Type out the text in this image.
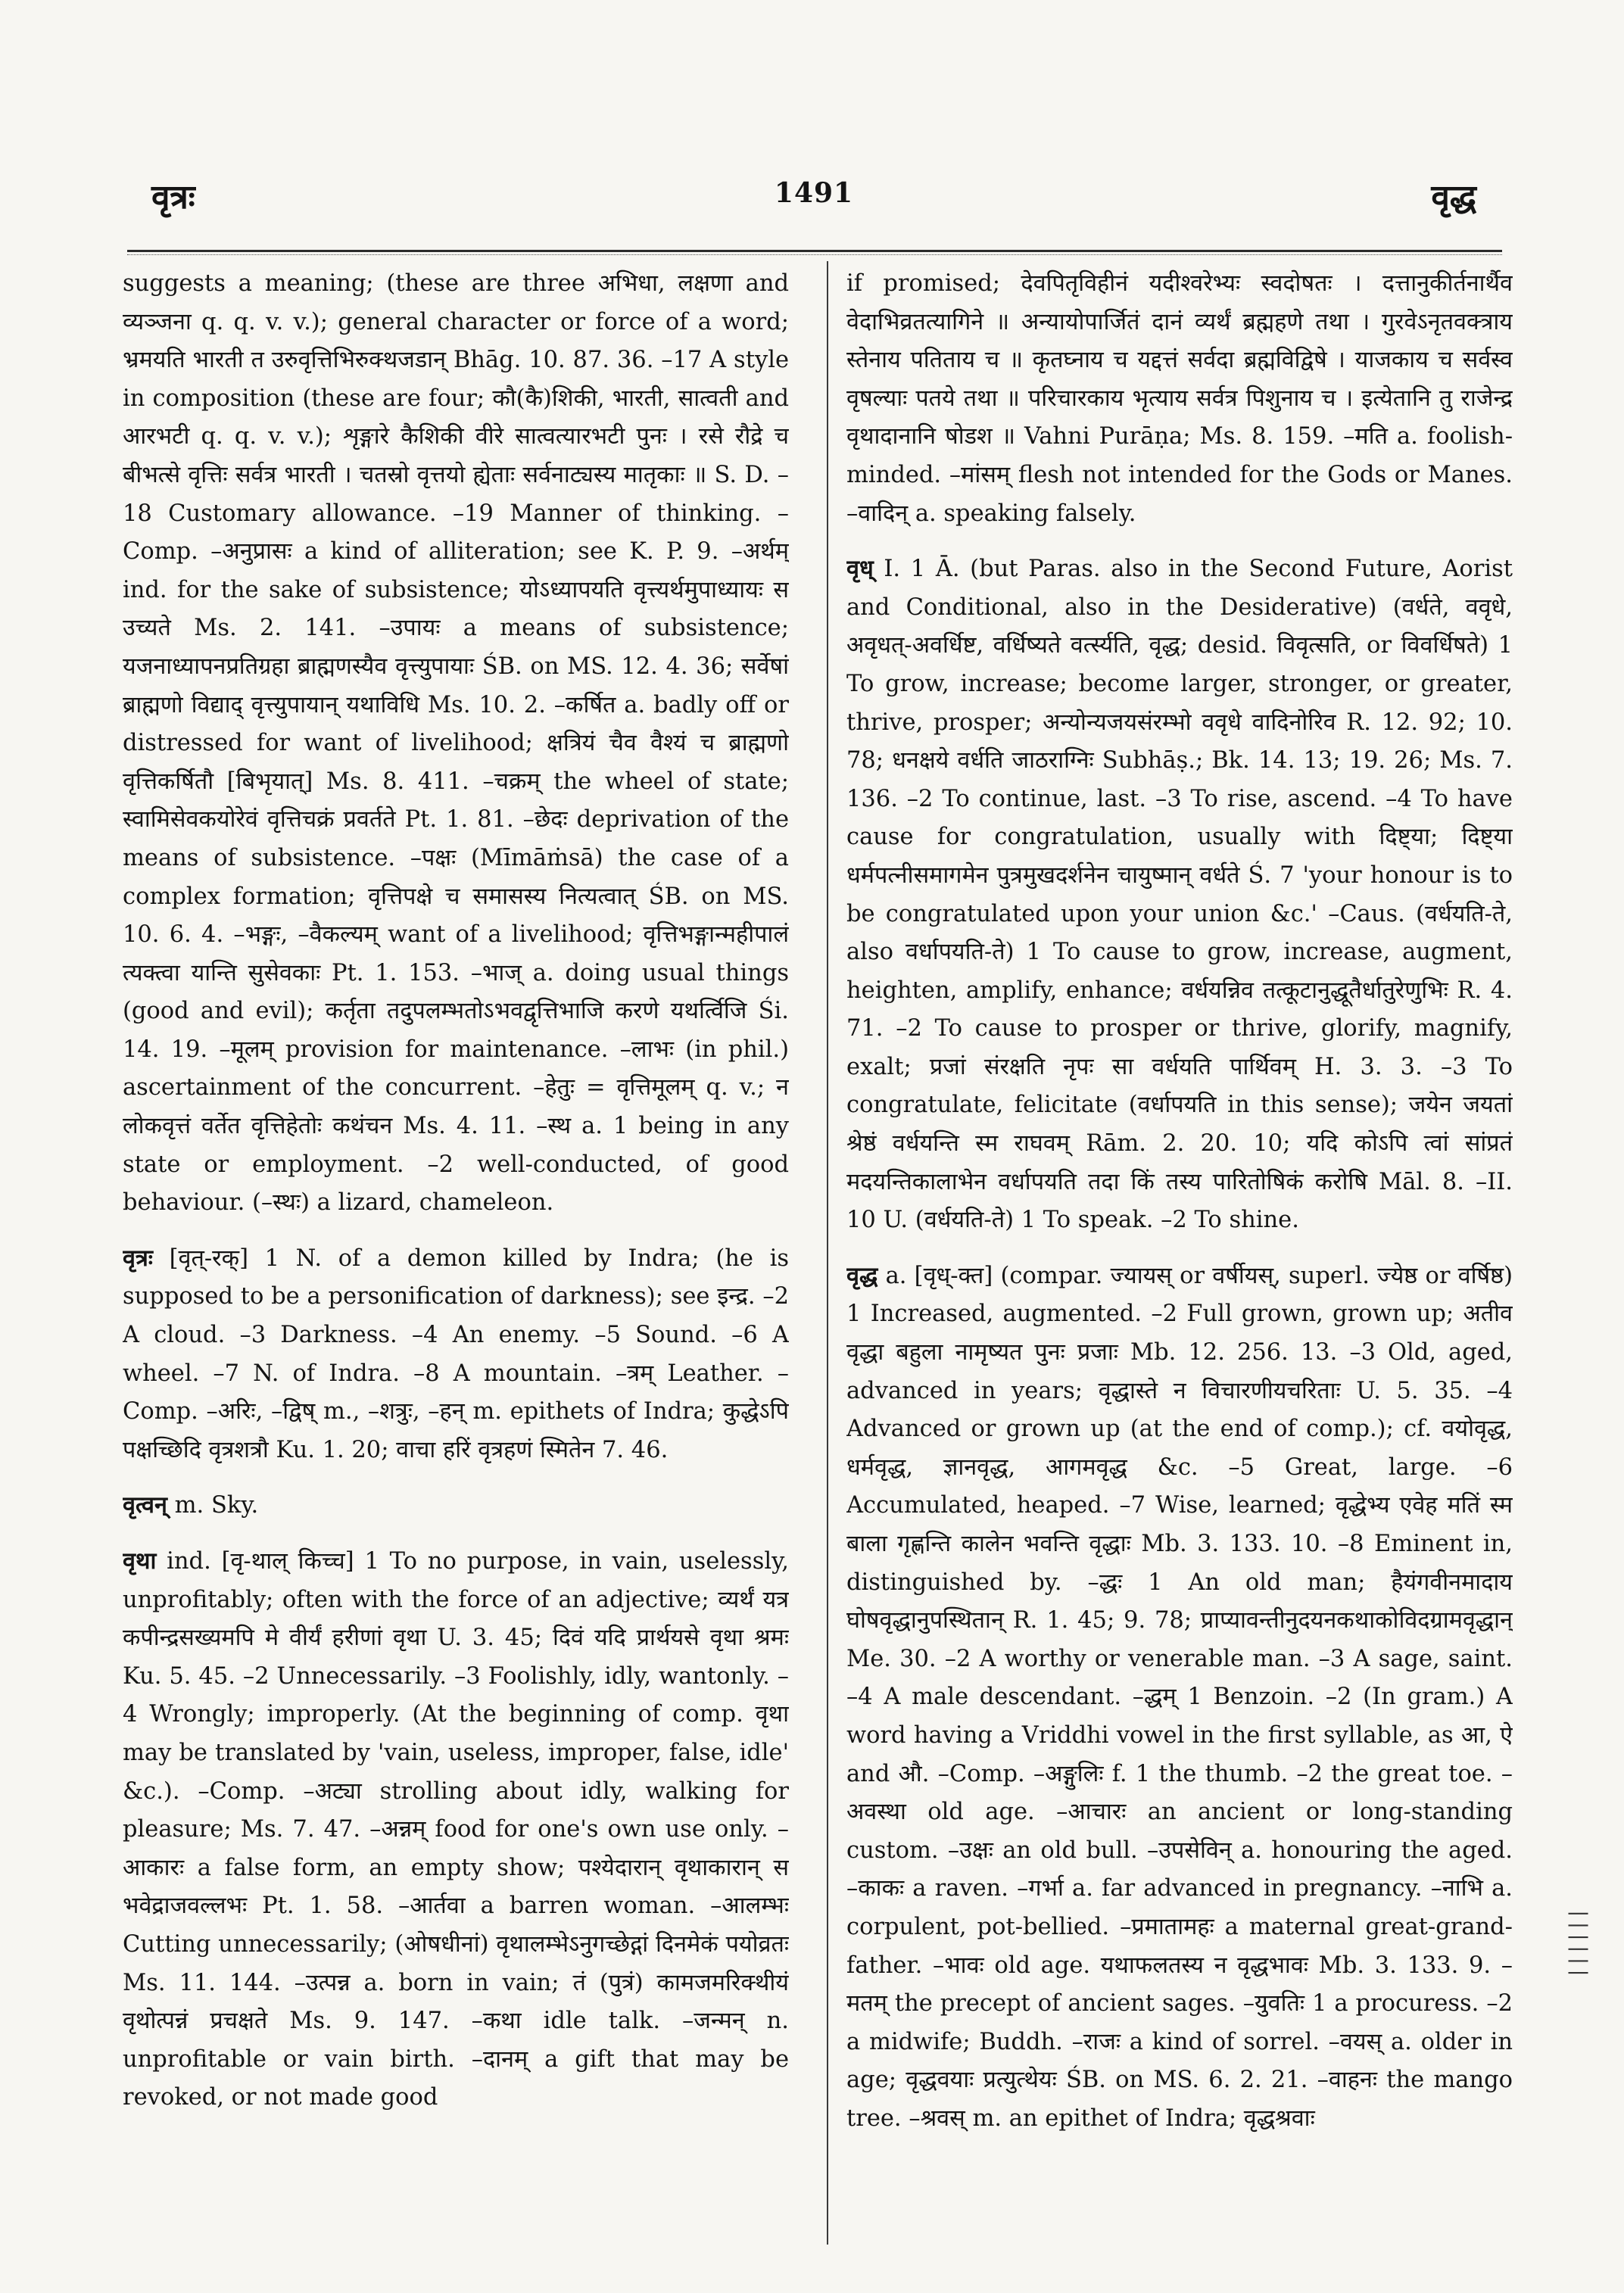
वृत्रः	1491	वृद्ध

suggests a meaning; (these are three अभिधा, लक्षणा and व्यञ्जना q. q. v. v.); general character or force of a word; भ्रमयति भारती त उरुवृत्तिभिरुक्थजडान् Bhāg. 10. 87. 36. –17 A style in composition (these are four; कौ(कै)शिकी, भारती, सात्वती and आरभटी q. q. v. v.); शृङ्गारे कैशिकी वीरे सात्वत्यारभटी पुनः । रसे रौद्रे च बीभत्से वृत्तिः सर्वत्र भारती । चतस्रो वृत्तयो ह्येताः सर्वनाट्यस्य मातृकाः ॥ S. D. –18 Customary allowance. –19 Manner of thinking. –Comp. –अनुप्रासः a kind of alliteration; see K. P. 9. –अर्थम् ind. for the sake of subsistence; योऽध्यापयति वृत्त्यर्थमुपाध्यायः स उच्यते Ms. 2. 141. –उपायः a means of subsistence; यजनाध्यापनप्रतिग्रहा ब्राह्मणस्यैव वृत्त्युपायाः ŚB. on MS. 12. 4. 36; सर्वेषां ब्राह्मणो विद्याद् वृत्त्युपायान् यथाविधि Ms. 10. 2. –कर्षित a. badly off or distressed for want of livelihood; क्षत्रियं चैव वैश्यं च ब्राह्मणो वृत्तिकर्षितौ [बिभृयात्] Ms. 8. 411. –चक्रम् the wheel of state; स्वामिसेवकयोरेवं वृत्तिचक्रं प्रवर्तते Pt. 1. 81. –छेदः deprivation of the means of subsistence. –पक्षः (Mīmāṁsā) the case of a complex formation; वृत्तिपक्षे च समासस्य नित्यत्वात् ŚB. on MS. 10. 6. 4. –भङ्गः, –वैकल्यम् want of a livelihood; वृत्तिभङ्गान्महीपालं त्यक्त्वा यान्ति सुसेवकाः Pt. 1. 153. –भाज् a. doing usual things (good and evil); कर्तृता तदुपलम्भतोऽभवद्वृत्तिभाजि करणे यथर्त्विजि Śi. 14. 19. –मूलम् provision for maintenance. –लाभः (in phil.) ascertainment of the concurrent. –हेतुः = वृत्तिमूलम् q. v.; न लोकवृत्तं वर्तेत वृत्तिहेतोः कथंचन Ms. 4. 11. –स्थ a. 1 being in any state or employment. –2 well-conducted, of good behaviour. (–स्थः) a lizard, chameleon.

वृत्रः [वृत्-रक्] 1 N. of a demon killed by Indra; (he is supposed to be a personification of darkness); see इन्द्र. –2 A cloud. –3 Darkness. –4 An enemy. –5 Sound. –6 A wheel. –7 N. of Indra. –8 A mountain. –त्रम् Leather. –Comp. –अरिः, –द्विष् m., –शत्रुः, –हन् m. epithets of Indra; कुद्धेऽपि पक्षच्छिदि वृत्रशत्रौ Ku. 1. 20; वाचा हरिं वृत्रहणं स्मितेन 7. 46.

वृत्वन् m. Sky.

वृथा ind. [वृ-थाल् किच्च] 1 To no purpose, in vain, uselessly, unprofitably; often with the force of an adjective; व्यर्थं यत्र कपीन्द्रसख्यमपि मे वीर्यं हरीणां वृथा U. 3. 45; दिवं यदि प्रार्थयसे वृथा श्रमः Ku. 5. 45. –2 Unnecessarily. –3 Foolishly, idly, wantonly. –4 Wrongly; improperly. (At the beginning of comp. वृथा may be translated by 'vain, useless, improper, false, idle' &c.). –Comp. –अट्या strolling about idly, walking for pleasure; Ms. 7. 47. –अन्नम् food for one's own use only. –आकारः a false form, an empty show; पश्येदारान् वृथाकारान् स भवेद्राजवल्लभः Pt. 1. 58. –आर्तवा a barren woman. –आलम्भः Cutting unnecessarily; (ओषधीनां) वृथालम्भेऽनुगच्छेद्गां दिनमेकं पयोव्रतः Ms. 11. 144. –उत्पन्न a. born in vain; तं (पुत्रं) कामजमरिक्थीयं वृथोत्पन्नं प्रचक्षते Ms. 9. 147. –कथा idle talk. –जन्मन् n. unprofitable or vain birth. –दानम् a gift that may be revoked, or not made good

if promised; देवपितृविहीनं यदीश्वरेभ्यः स्वदोषतः । दत्तानुकीर्तनार्थैव वेदाभिव्रतत्यागिने ॥ अन्यायोपार्जितं दानं व्यर्थं ब्रह्महणे तथा । गुरवेऽनृतवक्त्राय स्तेनाय पतिताय च ॥ कृतघ्नाय च यद्दत्तं सर्वदा ब्रह्मविद्विषे । याजकाय च सर्वस्व वृषल्याः पतये तथा ॥ परिचारकाय भृत्याय सर्वत्र पिशुनाय च । इत्येतानि तु राजेन्द्र वृथादानानि षोडश ॥ Vahni Purāṇa; Ms. 8. 159. –मति a. foolish-minded. –मांसम् flesh not intended for the Gods or Manes. –वादिन् a. speaking falsely.

वृध् I. 1 Ā. (but Paras. also in the Second Future, Aorist and Conditional, also in the Desiderative) (वर्धते, ववृधे, अवृधत्-अवर्धिष्ट, वर्धिष्यते वर्त्स्यति, वृद्ध; desid. विवृत्सति, or विवर्धिषते) 1 To grow, increase; become larger, stronger, or greater, thrive, prosper; अन्योन्यजयसंरम्भो ववृधे वादिनोरिव R. 12. 92; 10. 78; धनक्षये वर्धति जाठराग्निः Subhāṣ.; Bk. 14. 13; 19. 26; Ms. 7. 136. –2 To continue, last. –3 To rise, ascend. –4 To have cause for congratulation, usually with दिष्ट्या; दिष्ट्या धर्मपत्नीसमागमेन पुत्रमुखदर्शनेन चायुष्मान् वर्धते Ś. 7 'your honour is to be congratulated upon your union &c.' –Caus. (वर्धयति-ते, also वर्धापयति-ते) 1 To cause to grow, increase, augment, heighten, amplify, enhance; वर्धयन्निव तत्कूटानुद्धूतैर्धातुरेणुभिः R. 4. 71. –2 To cause to prosper or thrive, glorify, magnify, exalt; प्रजां संरक्षति नृपः सा वर्धयति पार्थिवम् H. 3. 3. –3 To congratulate, felicitate (वर्धापयति in this sense); जयेन जयतां श्रेष्ठं वर्धयन्ति स्म राघवम् Rām. 2. 20. 10; यदि कोऽपि त्वां सांप्रतं मदयन्तिकालाभेन वर्धापयति तदा किं तस्य पारितोषिकं करोषि Māl. 8. –II. 10 U. (वर्धयति-ते) 1 To speak. –2 To shine.

वृद्ध a. [वृध्-क्त] (compar. ज्यायस् or वर्षीयस्, superl. ज्येष्ठ or वर्षिष्ठ) 1 Increased, augmented. –2 Full grown, grown up; अतीव वृद्धा बहुला नामृष्यत पुनः प्रजाः Mb. 12. 256. 13. –3 Old, aged, advanced in years; वृद्धास्ते न विचारणीयचरिताः U. 5. 35. –4 Advanced or grown up (at the end of comp.); cf. वयोवृद्ध, धर्मवृद्ध, ज्ञानवृद्ध, आगमवृद्ध &c. –5 Great, large. –6 Accumulated, heaped. –7 Wise, learned; वृद्धेभ्य एवेह मतिं स्म बाला गृह्णन्ति कालेन भवन्ति वृद्धाः Mb. 3. 133. 10. –8 Eminent in, distinguished by. –द्धः 1 An old man; हैयंगवीनमादाय घोषवृद्धानुपस्थितान् R. 1. 45; 9. 78; प्राप्यावन्तीनुदयनकथाकोविदग्रामवृद्धान् Me. 30. –2 A worthy or venerable man. –3 A sage, saint. –4 A male descendant. –द्धम् 1 Benzoin. –2 (In gram.) A word having a Vriddhi vowel in the first syllable, as आ, ऐ and औ. –Comp. –अङ्गुलिः f. 1 the thumb. –2 the great toe. –अवस्था old age. –आचारः an ancient or long-standing custom. –उक्षः an old bull. –उपसेविन् a. honouring the aged. –काकः a raven. –गर्भा a. far advanced in pregnancy. –नाभि a. corpulent, pot-bellied. –प्रमातामहः a maternal great-grand-father. –भावः old age. यथाफलतस्य न वृद्धभावः Mb. 3. 133. 9. –मतम् the precept of ancient sages. –युवतिः 1 a procuress. –2 a midwife; Buddh. –राजः a kind of sorrel. –वयस् a. older in age; वृद्धवयाः प्रत्युत्थेयः ŚB. on MS. 6. 2. 21. –वाहनः the mango tree. –श्रवस् m. an epithet of Indra; वृद्धश्रवाः

||||||
